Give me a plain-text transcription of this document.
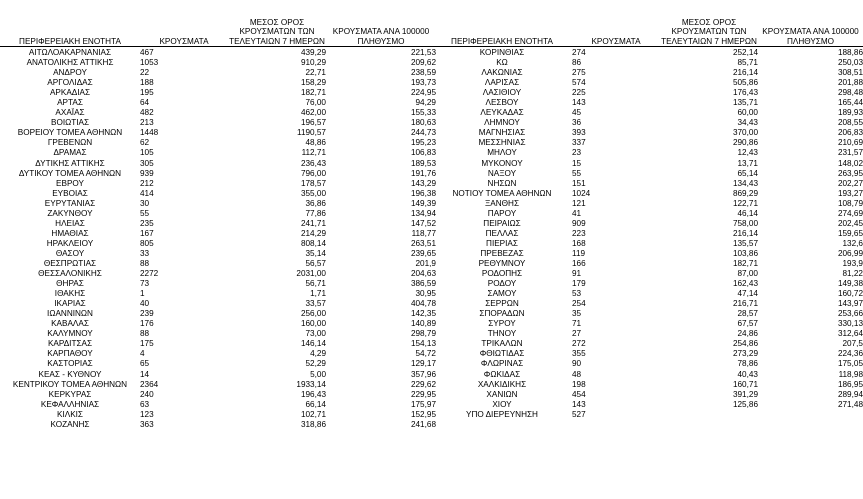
ΠΕΡΙΦΕΡΕΙΑΚΗ ΕΝΟΤΗΤΑ	ΚΡΟΥΣΜΑΤΑ	ΜΕΣΟΣ ΟΡΟΣ
ΚΡΟΥΣΜΑΤΩΝ ΤΩΝ
ΤΕΛΕΥΤΑΙΩΝ 7 ΗΜΕΡΩΝ	ΚΡΟΥΣΜΑΤΑ ΑΝΑ 100000
ΠΛΗΘΥΣΜΟ

ΑΙΤΩΛΟΑΚΑΡΝΑΝΙΑΣ	467	439,29	221,53
ΑΝΑΤΟΛΙΚΗΣ ΑΤΤΙΚΗΣ	1053	910,29	209,62
ΑΝΔΡΟΥ	22	22,71	238,59
ΑΡΓΟΛΙΔΑΣ	188	158,29	193,73
ΑΡΚΑΔΙΑΣ	195	182,71	224,95
ΑΡΤΑΣ	64	76,00	94,29
ΑΧΑΪΑΣ	482	462,00	155,33
ΒΟΙΩΤΙΑΣ	213	196,57	180,63
ΒΟΡΕΙΟΥ ΤΟΜΕΑ ΑΘΗΝΩΝ	1448	1190,57	244,73
ΓΡΕΒΕΝΩΝ	62	48,86	195,23
ΔΡΑΜΑΣ	105	112,71	106,83
ΔΥΤΙΚΗΣ ΑΤΤΙΚΗΣ	305	236,43	189,53
ΔΥΤΙΚΟΥ ΤΟΜΕΑ ΑΘΗΝΩΝ	939	796,00	191,76
ΕΒΡΟΥ	212	178,57	143,29
ΕΥΒΟΙΑΣ	414	355,00	196,38
ΕΥΡΥΤΑΝΙΑΣ	30	36,86	149,39
ΖΑΚΥΝΘΟΥ	55	77,86	134,94
ΗΛΕΙΑΣ	235	241,71	147,52
ΗΜΑΘΙΑΣ	167	214,29	118,77
ΗΡΑΚΛΕΙΟΥ	805	808,14	263,51
ΘΑΣΟΥ	33	35,14	239,65
ΘΕΣΠΡΩΤΙΑΣ	88	56,57	201,9
ΘΕΣΣΑΛΟΝΙΚΗΣ	2272	2031,00	204,63
ΘΗΡΑΣ	73	56,71	386,59
ΙΘΑΚΗΣ	1	1,71	30,95
ΙΚΑΡΙΑΣ	40	33,57	404,78
ΙΩΑΝΝΙΝΩΝ	239	256,00	142,35
ΚΑΒΑΛΑΣ	176	160,00	140,89
ΚΑΛΥΜΝΟΥ	88	73,00	298,79
ΚΑΡΔΙΤΣΑΣ	175	146,14	154,13
ΚΑΡΠΑΘΟΥ	4	4,29	54,72
ΚΑΣΤΟΡΙΑΣ	65	52,29	129,17
ΚΕΑΣ - ΚΥΘΝΟΥ	14	5,00	357,96
ΚΕΝΤΡΙΚΟΥ ΤΟΜΕΑ ΑΘΗΝΩΝ	2364	1933,14	229,62
ΚΕΡΚΥΡΑΣ	240	196,43	229,95
ΚΕΦΑΛΛΗΝΙΑΣ	63	66,14	175,97
ΚΙΛΚΙΣ	123	102,71	152,95
ΚΟΖΑΝΗΣ	363	318,86	241,68
ΠΕΡΙΦΕΡΕΙΑΚΗ ΕΝΟΤΗΤΑ	ΚΡΟΥΣΜΑΤΑ	ΜΕΣΟΣ ΟΡΟΣ
ΚΡΟΥΣΜΑΤΩΝ ΤΩΝ
ΤΕΛΕΥΤΑΙΩΝ 7 ΗΜΕΡΩΝ	ΚΡΟΥΣΜΑΤΑ ΑΝΑ 100000
ΠΛΗΘΥΣΜΟ

ΚΟΡΙΝΘΙΑΣ	274	252,14	188,86
ΚΩ	86	85,71	250,03
ΛΑΚΩΝΙΑΣ	275	216,14	308,51
ΛΑΡΙΣΑΣ	574	505,86	201,88
ΛΑΣΙΘΙΟΥ	225	176,43	298,48
ΛΕΣΒΟΥ	143	135,71	165,44
ΛΕΥΚΑΔΑΣ	45	60,00	189,93
ΛΗΜΝΟΥ	36	34,43	208,55
ΜΑΓΝΗΣΙΑΣ	393	370,00	206,83
ΜΕΣΣΗΝΙΑΣ	337	290,86	210,69
ΜΗΛΟΥ	23	12,43	231,57
ΜΥΚΟΝΟΥ	15	13,71	148,02
ΝΑΞΟΥ	55	65,14	263,95
ΝΗΣΩΝ	151	134,43	202,27
ΝΟΤΙΟΥ ΤΟΜΕΑ ΑΘΗΝΩΝ	1024	869,29	193,27
ΞΑΝΘΗΣ	121	122,71	108,79
ΠΑΡΟΥ	41	46,14	274,69
ΠΕΙΡΑΙΩΣ	909	758,00	202,45
ΠΕΛΛΑΣ	223	216,14	159,65
ΠΙΕΡΙΑΣ	168	135,57	132,6
ΠΡΕΒΕΖΑΣ	119	103,86	206,99
ΡΕΘΥΜΝΟΥ	166	182,71	193,9
ΡΟΔΟΠΗΣ	91	87,00	81,22
ΡΟΔΟΥ	179	162,43	149,38
ΣΑΜΟΥ	53	47,14	160,72
ΣΕΡΡΩΝ	254	216,71	143,97
ΣΠΟΡΑΔΩΝ	35	28,57	253,66
ΣΥΡΟΥ	71	67,57	330,13
ΤΗΝΟΥ	27	24,86	312,64
ΤΡΙΚΑΛΩΝ	272	254,86	207,5
ΦΘΙΩΤΙΔΑΣ	355	273,29	224,36
ΦΛΩΡΙΝΑΣ	90	78,86	175,05
ΦΩΚΙΔΑΣ	48	40,43	118,98
ΧΑΛΚΙΔΙΚΗΣ	198	160,71	186,95
ΧΑΝΙΩΝ	454	391,29	289,94
ΧΙΟΥ	143	125,86	271,48
ΥΠΟ ΔΙΕΡΕΥΝΗΣΗ	527		
